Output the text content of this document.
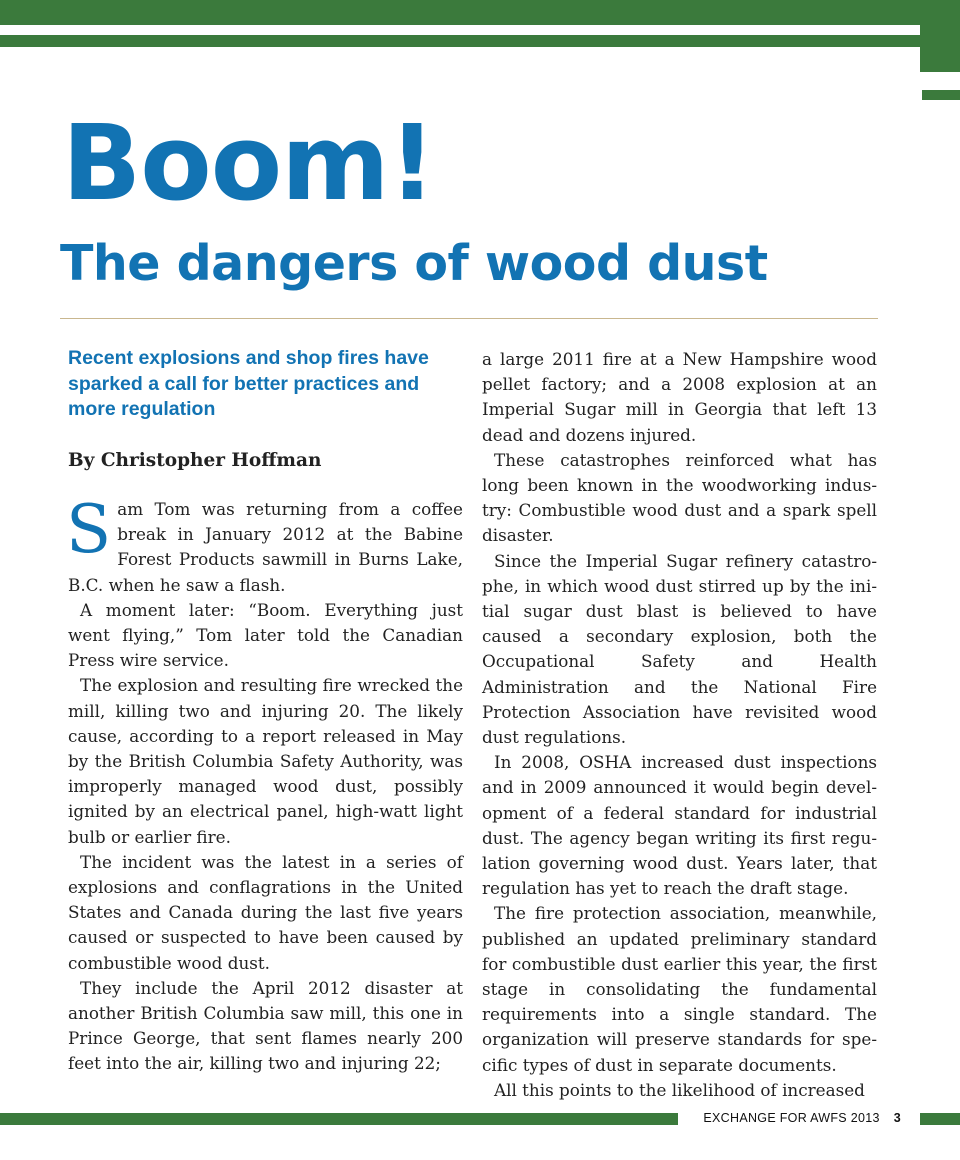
Boom!
The dangers of wood dust

Recent explosions and shop fires have sparked a call for better practices and more regulation

By Christopher Hoffman

Sam Tom was returning from a coffee break in January 2012 at the Babine Forest Products sawmill in Burns Lake, B.C. when he saw a flash.

A moment later: “Boom. Everything just went flying,” Tom later told the Canadian Press wire service.

The explosion and resulting fire wrecked the mill, killing two and injuring 20. The likely cause, according to a report released in May by the British Columbia Safety Authority, was improperly managed wood dust, possibly ignited by an electrical panel, high-watt light bulb or earlier fire.

The incident was the latest in a series of explosions and conflagrations in the United States and Canada during the last five years caused or suspected to have been caused by combustible wood dust.

They include the April 2012 disaster at another British Columbia saw mill, this one in Prince George, that sent flames nearly 200 feet into the air, killing two and injuring 22;

a large 2011 fire at a New Hampshire wood pellet factory; and a 2008 explosion at an Imperial Sugar mill in Georgia that left 13 dead and dozens injured.

These catastrophes reinforced what has long been known in the woodworking industry: Combustible wood dust and a spark spell disaster.

Since the Imperial Sugar refinery catastrophe, in which wood dust stirred up by the initial sugar dust blast is believed to have caused a secondary explosion, both the Occupational Safety and Health Administration and the National Fire Protection Association have revisited wood dust regulations.

In 2008, OSHA increased dust inspections and in 2009 announced it would begin development of a federal standard for industrial dust. The agency began writing its first regulation governing wood dust. Years later, that regulation has yet to reach the draft stage.

The fire protection association, meanwhile, published an updated preliminary standard for combustible dust earlier this year, the first stage in consolidating the fundamental requirements into a single standard. The organization will preserve standards for specific types of dust in separate documents.

All this points to the likelihood of increased

EXCHANGE FOR AWFS 2013 3
